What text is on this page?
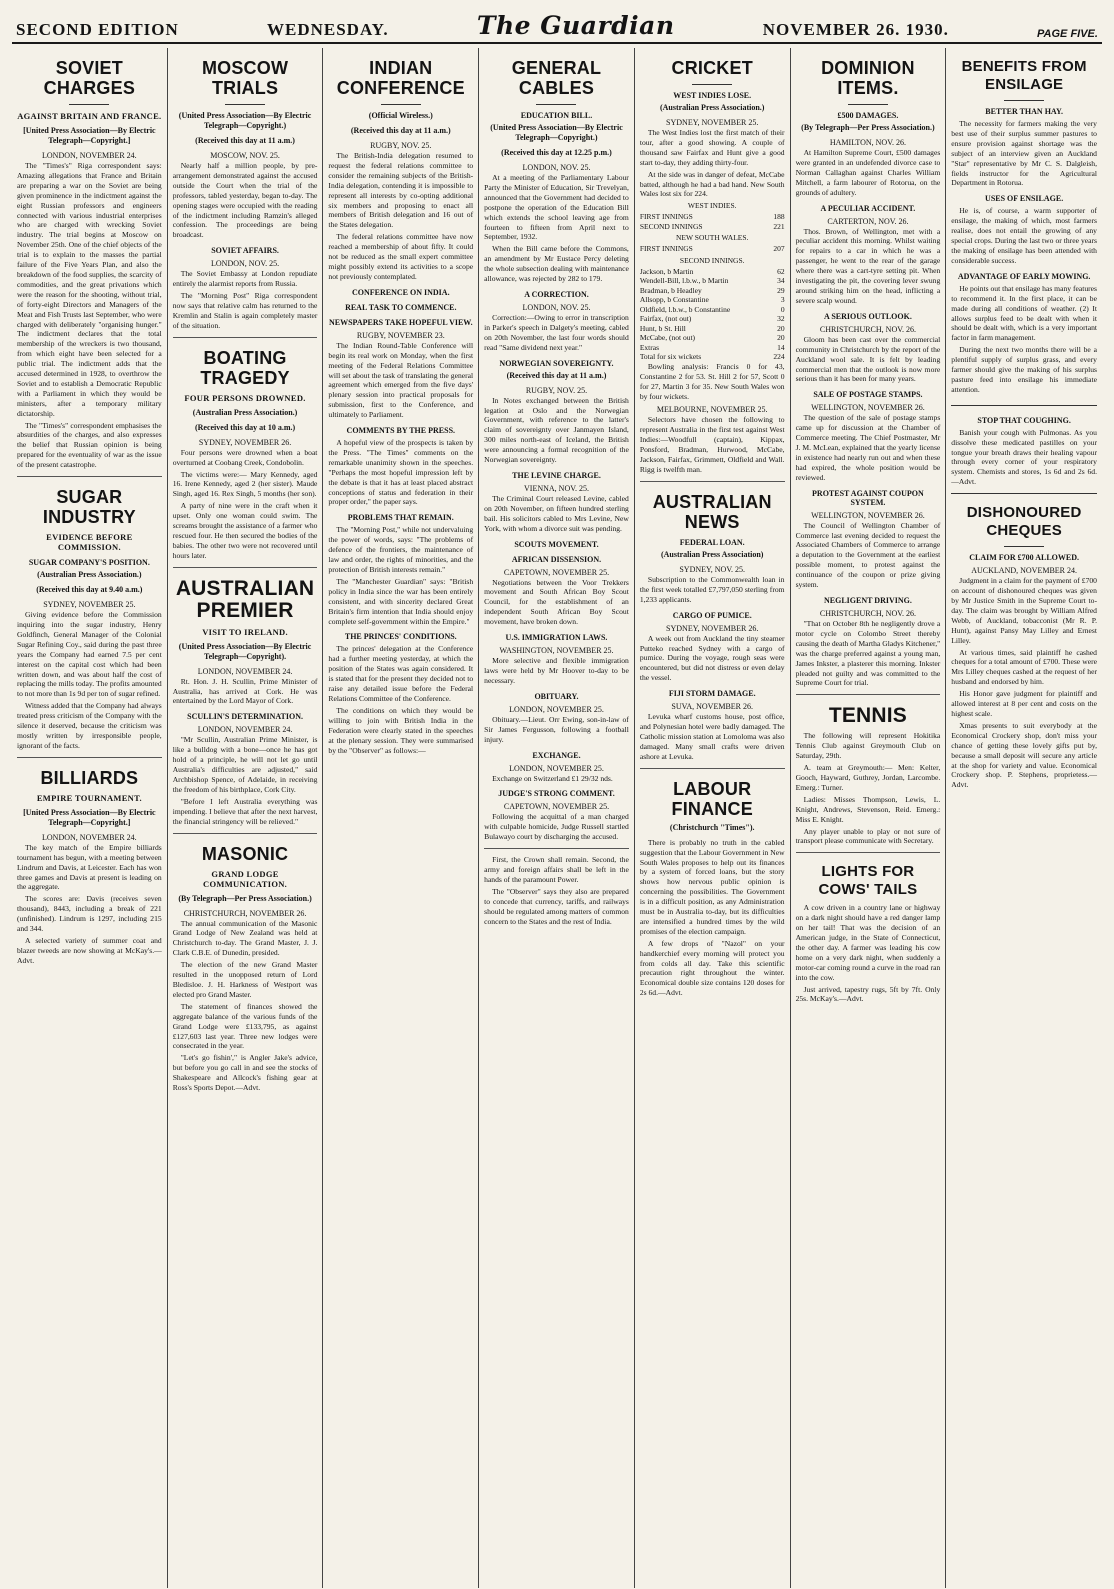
SECOND EDITION	WEDNESDAY.	The Guardian	NOVEMBER 26. 1930.	PAGE FIVE.
SOVIET CHARGES
AGAINST BRITAIN AND FRANCE.
[United Press Association—By Electric Telegraph—Copyright.]
LONDON, NOVEMBER 24.

The "Times's" Riga correspondent says: Amazing allegations that France and Britain are preparing a war on the Soviet are being given prominence in the indictment against the eight Russian professors and engineers connected with various industrial enterprises who are charged with wrecking Soviet industry. The trial begins at Moscow on November 25th. One of the chief objects of the trial is to explain to the masses the partial failure of the Five Years Plan, and also the breakdown of the food supplies, the scarcity of commodities, and the great privations which were the reason for the shooting, without trial, of forty-eight Directors and Managers of the Meat and Fish Trusts last September, who were charged with deliberately "organising hunger." The indictment declares that the total membership of the wreckers is two thousand, from which eight have been selected for a public trial. The indictment adds that the accused determined in 1928, to overthrow the Soviet and to establish a Democratic Republic with a Parliament in which they would be ministers, after a temporary military dictatorship.

The "Times's" correspondent emphasises the absurdities of the charges, and also expresses the belief that Russian opinion is being prepared for the eventuality of war as the issue of the present catastrophe.

SUGAR INDUSTRY
EVIDENCE BEFORE COMMISSION.
SUGAR COMPANY'S POSITION.
(Australian Press Association.)
(Received this day at 9.40 a.m.)
SYDNEY, NOVEMBER 25.

Giving evidence before the Commission inquiring into the sugar industry, Henry Goldfinch, General Manager of the Colonial Sugar Refining Coy., said during the past three years the Company had earned 7.5 per cent interest on the capital cost which had been written down, and was about half the cost of replacing the mills today. The profits amounted to not more than 1s 9d per ton of sugar refined.

Witness added that the Company had always treated press criticism of the Company with the silence it deserved, because the criticism was mostly written by irresponsible people, ignorant of the facts.

BILLIARDS
EMPIRE TOURNAMENT.
[United Press Association—By Electric Telegraph—Copyright.]
LONDON, NOVEMBER 24.

The key match of the Empire billiards tournament has begun, with a meeting between Lindrum and Davis, at Leicester. Each has won three games and Davis at present is leading on the aggregate.

The scores are: Davis (receives seven thousand), 8443, including a break of 221 (unfinished). Lindrum is 1297, including 215 and 344.

A selected variety of summer coat and blazer tweeds are now showing at McKay's.—Advt.

MOSCOW TRIALS
(United Press Association—By Electric Telegraph—Copyright.)
(Received this day at 11 a.m.)
MOSCOW, NOV. 25.

Nearly half a million people, by pre-arrangement demonstrated against the accused outside the Court when the trial of the professors, tabled yesterday, began to-day. The opening stages were occupied with the reading of the indictment including Ramzin's alleged confession. The proceedings are being broadcast.

SOVIET AFFAIRS.
LONDON, NOV. 25.

The Soviet Embassy at London repudiate entirely the alarmist reports from Russia.

The "Morning Post" Riga correspondent now says that relative calm has returned to the Kremlin and Stalin is again completely master of the situation.

BOATING TRAGEDY
FOUR PERSONS DROWNED.
(Australian Press Association.)
(Received this day at 10 a.m.)
SYDNEY, NOVEMBER 26.

Four persons were drowned when a boat overturned at Coobang Creek, Condobolin.

The victims were:— Mary Kennedy, aged 16. Irene Kennedy, aged 2 (her sister). Maude Singh, aged 16. Rex Singh, 5 months (her son).

A party of nine were in the craft when it upset. Only one woman could swim. The screams brought the assistance of a farmer who rescued four. He then secured the bodies of the babies. The other two were not recovered until hours later.

AUSTRALIAN PREMIER
VISIT TO IRELAND.
(United Press Association—By Electric Telegraph—Copyright).
LONDON, NOVEMBER 24.

Rt. Hon. J. H. Scullin, Prime Minister of Australia, has arrived at Cork. He was entertained by the Lord Mayor of Cork.

SCULLIN'S DETERMINATION.
LONDON, NOVEMBER 24.

"Mr Scullin, Australian Prime Minister, is like a bulldog with a bone—once he has got hold of a principle, he will not let go until Australia's difficulties are adjusted," said Archbishop Spence, of Adelaide, in receiving the freedom of his birthplace, Cork City.

"Before I left Australia everything was impending. I believe that after the next harvest, the financial stringency will be relieved."

MASONIC
GRAND LODGE COMMUNICATION.
(By Telegraph—Per Press Association.)
CHRISTCHURCH, NOVEMBER 26.

The annual communication of the Masonic Grand Lodge of New Zealand was held at Christchurch to-day. The Grand Master, J. J. Clark C.B.E. of Dunedin, presided.

The election of the new Grand Master resulted in the unopposed return of Lord Bledisloe. J. H. Harkness of Westport was elected pro Grand Master.

The statement of finances showed the aggregate balance of the various funds of the Grand Lodge were £133,795, as against £127,603 last year. Three new lodges were consecrated in the year.

"Let's go fishin'," is Angler Jake's advice, but before you go call in and see the stocks of Shakespeare and Allcock's fishing gear at Ross's Sports Depot.—Advt.

INDIAN CONFERENCE
(Official Wireless.)
(Received this day at 11 a.m.)
RUGBY, NOV. 25.

The British-India delegation resumed to request the federal relations committee to consider the remaining subjects of the British-India delegation, contending it is impossible to represent all interests by co-opting additional six members and proposing to enact all members of British delegation and 16 out of the States delegation.

The federal relations committee have now reached a membership of about fifty. It could not be reduced as the small expert committee might possibly extend its activities to a scope not previously contemplated.

CONFERENCE ON INDIA.
REAL TASK TO COMMENCE.
NEWSPAPERS TAKE HOPEFUL VIEW.
RUGBY, NOVEMBER 23.

The Indian Round-Table Conference will begin its real work on Monday, when the first meeting of the Federal Relations Committee will set about the task of translating the general agreement which emerged from the five days' plenary session into practical proposals for submission, first to the Conference, and ultimately to Parliament.

COMMENTS BY THE PRESS.

A hopeful view of the prospects is taken by the Press. "The Times" comments on the remarkable unanimity shown in the speeches. "Perhaps the most hopeful impression left by the debate is that it has at least placed abstract conceptions of status and federation in their proper order," the paper says.

PROBLEMS THAT REMAIN.

The "Morning Post," while not undervaluing the power of words, says: "The problems of defence of the frontiers, the maintenance of law and order, the rights of minorities, and the protection of British interests remain."

The "Manchester Guardian" says: "British policy in India since the war has been entirely consistent, and with sincerity declared Great Britain's firm intention that India should enjoy complete self-government within the Empire."

THE PRINCES' CONDITIONS.

The princes' delegation at the Conference had a further meeting yesterday, at which the position of the States was again considered. It is stated that for the present they decided not to raise any detailed issue before the Federal Relations Committee of the Conference.

The conditions on which they would be willing to join with British India in the Federation were clearly stated in the speeches at the plenary session. They were summarised by the "Observer" as follows:—

GENERAL CABLES
EDUCATION BILL.
(United Press Association—By Electric Telegraph—Copyright.)
(Received this day at 12.25 p.m.)
LONDON, NOV. 25.

At a meeting of the Parliamentary Labour Party the Minister of Education, Sir Trevelyan, announced that the Government had decided to postpone the operation of the Education Bill which extends the school leaving age from fourteen to fifteen from April next to September, 1932.

When the Bill came before the Commons, an amendment by Mr Eustace Percy deleting the whole subsection dealing with maintenance allowance, was rejected by 282 to 179.

A CORRECTION.
LONDON, NOV. 25.

Correction:—Owing to error in transcription in Parker's speech in Dalgety's meeting, cabled on 20th November, the last four words should read "Same dividend next year."

NORWEGIAN SOVEREIGNTY.
(Received this day at 11 a.m.)
RUGBY, NOV. 25.

In Notes exchanged between the British legation at Oslo and the Norwegian Government, with reference to the latter's claim of sovereignty over Janmayen Island, 300 miles north-east of Iceland, the British were announcing a formal recognition of the Norwegian sovereignty.

THE LEVINE CHARGE.
VIENNA, NOV. 25.

The Criminal Court released Levine, cabled on 20th November, on fifteen hundred sterling bail. His solicitors cabled to Mrs Levine, New York, with whom a divorce suit was pending.

SCOUTS MOVEMENT.
AFRICAN DISSENSION.
CAPETOWN, NOVEMBER 25.

Negotiations between the Voor Trekkers movement and South African Boy Scout Council, for the establishment of an independent South African Boy Scout movement, have broken down.

U.S. IMMIGRATION LAWS.
WASHINGTON, NOVEMBER 25.

More selective and flexible immigration laws were held by Mr Hoover to-day to be necessary.

OBITUARY.
LONDON, NOVEMBER 25.

Obituary.—Lieut. Orr Ewing, son-in-law of Sir James Fergusson, following a football injury.

EXCHANGE.
LONDON, NOVEMBER 25.

Exchange on Switzerland £1 29/32 nds.

JUDGE'S STRONG COMMENT.
CAPETOWN, NOVEMBER 25.

Following the acquittal of a man charged with culpable homicide, Judge Russell startled Bulawayo court by discharging the accused.

First, the Crown shall remain. Second, the army and foreign affairs shall be left in the hands of the paramount Power.

The "Observer" says they also are prepared to concede that currency, tariffs, and railways should be regulated among matters of common concern to the States and the rest of India.

CRICKET
WEST INDIES LOSE.
(Australian Press Association.)
SYDNEY, NOVEMBER 25.

The West Indies lost the first match of their tour, after a good showing. A couple of thousand saw Fairfax and Hunt give a good start to-day, they adding thirty-four.

At the side was in danger of defeat, McCabe batted, although he had a bad hand. New South Wales lost six for 224.

WEST INDIES.
FIRST INNINGS	188
SECOND INNINGS	221
NEW SOUTH WALES.
FIRST INNINGS	207
SECOND INNINGS.
Jackson, b Martin	62
Wendell-Bill, l.b.w., b Martin	34
Bradman, b Headley	29
Allsopp, b Constantine	3
Oldfield, l.b.w., b Constantine	0
Fairfax, (not out)	32
Hunt, b St. Hill	20
McCabe, (not out)	20
Extras	14
Total for six wickets	224

Bowling analysis: Francis 0 for 43, Constantine 2 for 53. St. Hill 2 for 57, Scott 0 for 27, Martin 3 for 35. New South Wales won by four wickets.

MELBOURNE, NOVEMBER 25.

Selectors have chosen the following to represent Australia in the first test against West Indies:—Woodfull (captain), Kippax, Ponsford, Bradman, Hurwood, McCabe, Jackson, Fairfax, Grimmett, Oldfield and Wall. Rigg is twelfth man.

AUSTRALIAN NEWS
FEDERAL LOAN.
(Australian Press Association)
SYDNEY, NOV. 25.

Subscription to the Commonwealth loan in the first week totalled £7,797,050 sterling from 1,233 applicants.

CARGO OF PUMICE.
SYDNEY, NOVEMBER 26.

A week out from Auckland the tiny steamer Putteko reached Sydney with a cargo of pumice. During the voyage, rough seas were encountered, but did not distress or even delay the vessel.

FIJI STORM DAMAGE.
SUVA, NOVEMBER 26.

Levuka wharf customs house, post office, and Polynesian hotel were badly damaged. The Catholic mission station at Lomoloma was also damaged. Many small crafts were driven ashore at Levuka.

LABOUR FINANCE
(Christchurch "Times").

There is probably no truth in the cabled suggestion that the Labour Government in New South Wales proposes to help out its finances by a system of forced loans, but the story shows how nervous public opinion is concerning the possibilities. The Government is in a difficult position, as any Administration must be in Australia to-day, but its difficulties are intensified a hundred times by the wild promises of the election campaign.

A few drops of "Nazol" on your handkerchief every morning will protect you from colds all day. Take this scientific precaution right throughout the winter. Economical double size contains 120 doses for 2s 6d.—Advt.

DOMINION ITEMS.
£500 DAMAGES.
(By Telegraph—Per Press Association.)
HAMILTON, NOV. 26.

At Hamilton Supreme Court, £500 damages were granted in an undefended divorce case to Norman Callaghan against Charles William Mitchell, a farm labourer of Rotorua, on the grounds of adultery.

A PECULIAR ACCIDENT.
CARTERTON, NOV. 26.

Thos. Brown, of Wellington, met with a peculiar accident this morning. Whilst waiting for repairs to a car in which he was a passenger, he went to the rear of the garage where there was a cart-tyre setting pit. When investigating the pit, the covering lever swung around striking him on the head, inflicting a severe scalp wound.

A SERIOUS OUTLOOK.
CHRISTCHURCH, NOV. 26.

Gloom has been cast over the commercial community in Christchurch by the report of the Auckland wool sale. It is felt by leading commercial men that the outlook is now more serious than it has been for many years.

SALE OF POSTAGE STAMPS.
WELLINGTON, NOVEMBER 26.

The question of the sale of postage stamps came up for discussion at the Chamber of Commerce meeting. The Chief Postmaster, Mr J. M. McLean, explained that the yearly license in existence had nearly run out and when these had expired, the whole position would be reviewed.

PROTEST AGAINST COUPON SYSTEM.
WELLINGTON, NOVEMBER 26.

The Council of Wellington Chamber of Commerce last evening decided to request the Associated Chambers of Commerce to arrange a deputation to the Government at the earliest possible moment, to protest against the continuance of the coupon or prize giving system.

NEGLIGENT DRIVING.
CHRISTCHURCH, NOV. 26.

"That on October 8th he negligently drove a motor cycle on Colombo Street thereby causing the death of Martha Gladys Kitchener," was the charge preferred against a young man, James Inkster, a plasterer this morning. Inkster pleaded not guilty and was committed to the Supreme Court for trial.

TENNIS

The following will represent Hokitika Tennis Club against Greymouth Club on Saturday, 29th.

A. team at Greymouth:— Men: Kelter, Gooch, Hayward, Guthrey, Jordan, Larcombe. Emerg.: Turner.

Ladies: Misses Thompson, Lewis, L. Knight, Andrews, Stevenson, Reid. Emerg.: Miss E. Knight.

Any player unable to play or not sure of transport please communicate with Secretary.

LIGHTS FOR COWS' TAILS

A cow driven in a country lane or highway on a dark night should have a red danger lamp on her tail! That was the decision of an American judge, in the State of Connecticut, the other day. A farmer was leading his cow home on a very dark night, when suddenly a motor-car coming round a curve in the road ran into the cow.

Just arrived, tapestry rugs, 5ft by 7ft. Only 25s. McKay's.—Advt.

BENEFITS FROM ENSILAGE
BETTER THAN HAY.

The necessity for farmers making the very best use of their surplus summer pastures to ensure provision against shortage was the subject of an interview given an Auckland "Star" representative by Mr C. S. Dalgleish, fields instructor for the Agricultural Department in Rotorua.

USES OF ENSILAGE.

He is, of course, a warm supporter of ensilage, the making of which, most farmers realise, does not entail the growing of any special crops. During the last two or three years the making of ensilage has been attended with considerable success.

ADVANTAGE OF EARLY MOWING.

He points out that ensilage has many features to recommend it. In the first place, it can be made during all conditions of weather. (2) It allows surplus feed to be dealt with when it should be dealt with, which is a very important factor in farm management.

During the next two months there will be a plentiful supply of surplus grass, and every farmer should give the making of his surplus pasture feed into ensilage his immediate attention.

STOP THAT COUGHING.

Banish your cough with Pulmonas. As you dissolve these medicated pastilles on your tongue your breath draws their healing vapour through every corner of your respiratory system. Chemists and stores, 1s 6d and 2s 6d.—Advt.

DISHONOURED CHEQUES
CLAIM FOR £700 ALLOWED.
AUCKLAND, NOVEMBER 24.

Judgment in a claim for the payment of £700 on account of dishonoured cheques was given by Mr Justice Smith in the Supreme Court to-day. The claim was brought by William Alfred Webb, of Auckland, tobacconist (Mr R. P. Hunt), against Pansy May Lilley and Ernest Lilley.

At various times, said plaintiff he cashed cheques for a total amount of £700. These were Mrs Lilley cheques cashed at the request of her husband and endorsed by him.

His Honor gave judgment for plaintiff and allowed interest at 8 per cent and costs on the highest scale.

Xmas presents to suit everybody at the Economical Crockery shop, don't miss your chance of getting these lovely gifts put by, because a small deposit will secure any article at the shop for variety and value. Economical Crockery shop. P. Stephens, proprietess.—Advt.
